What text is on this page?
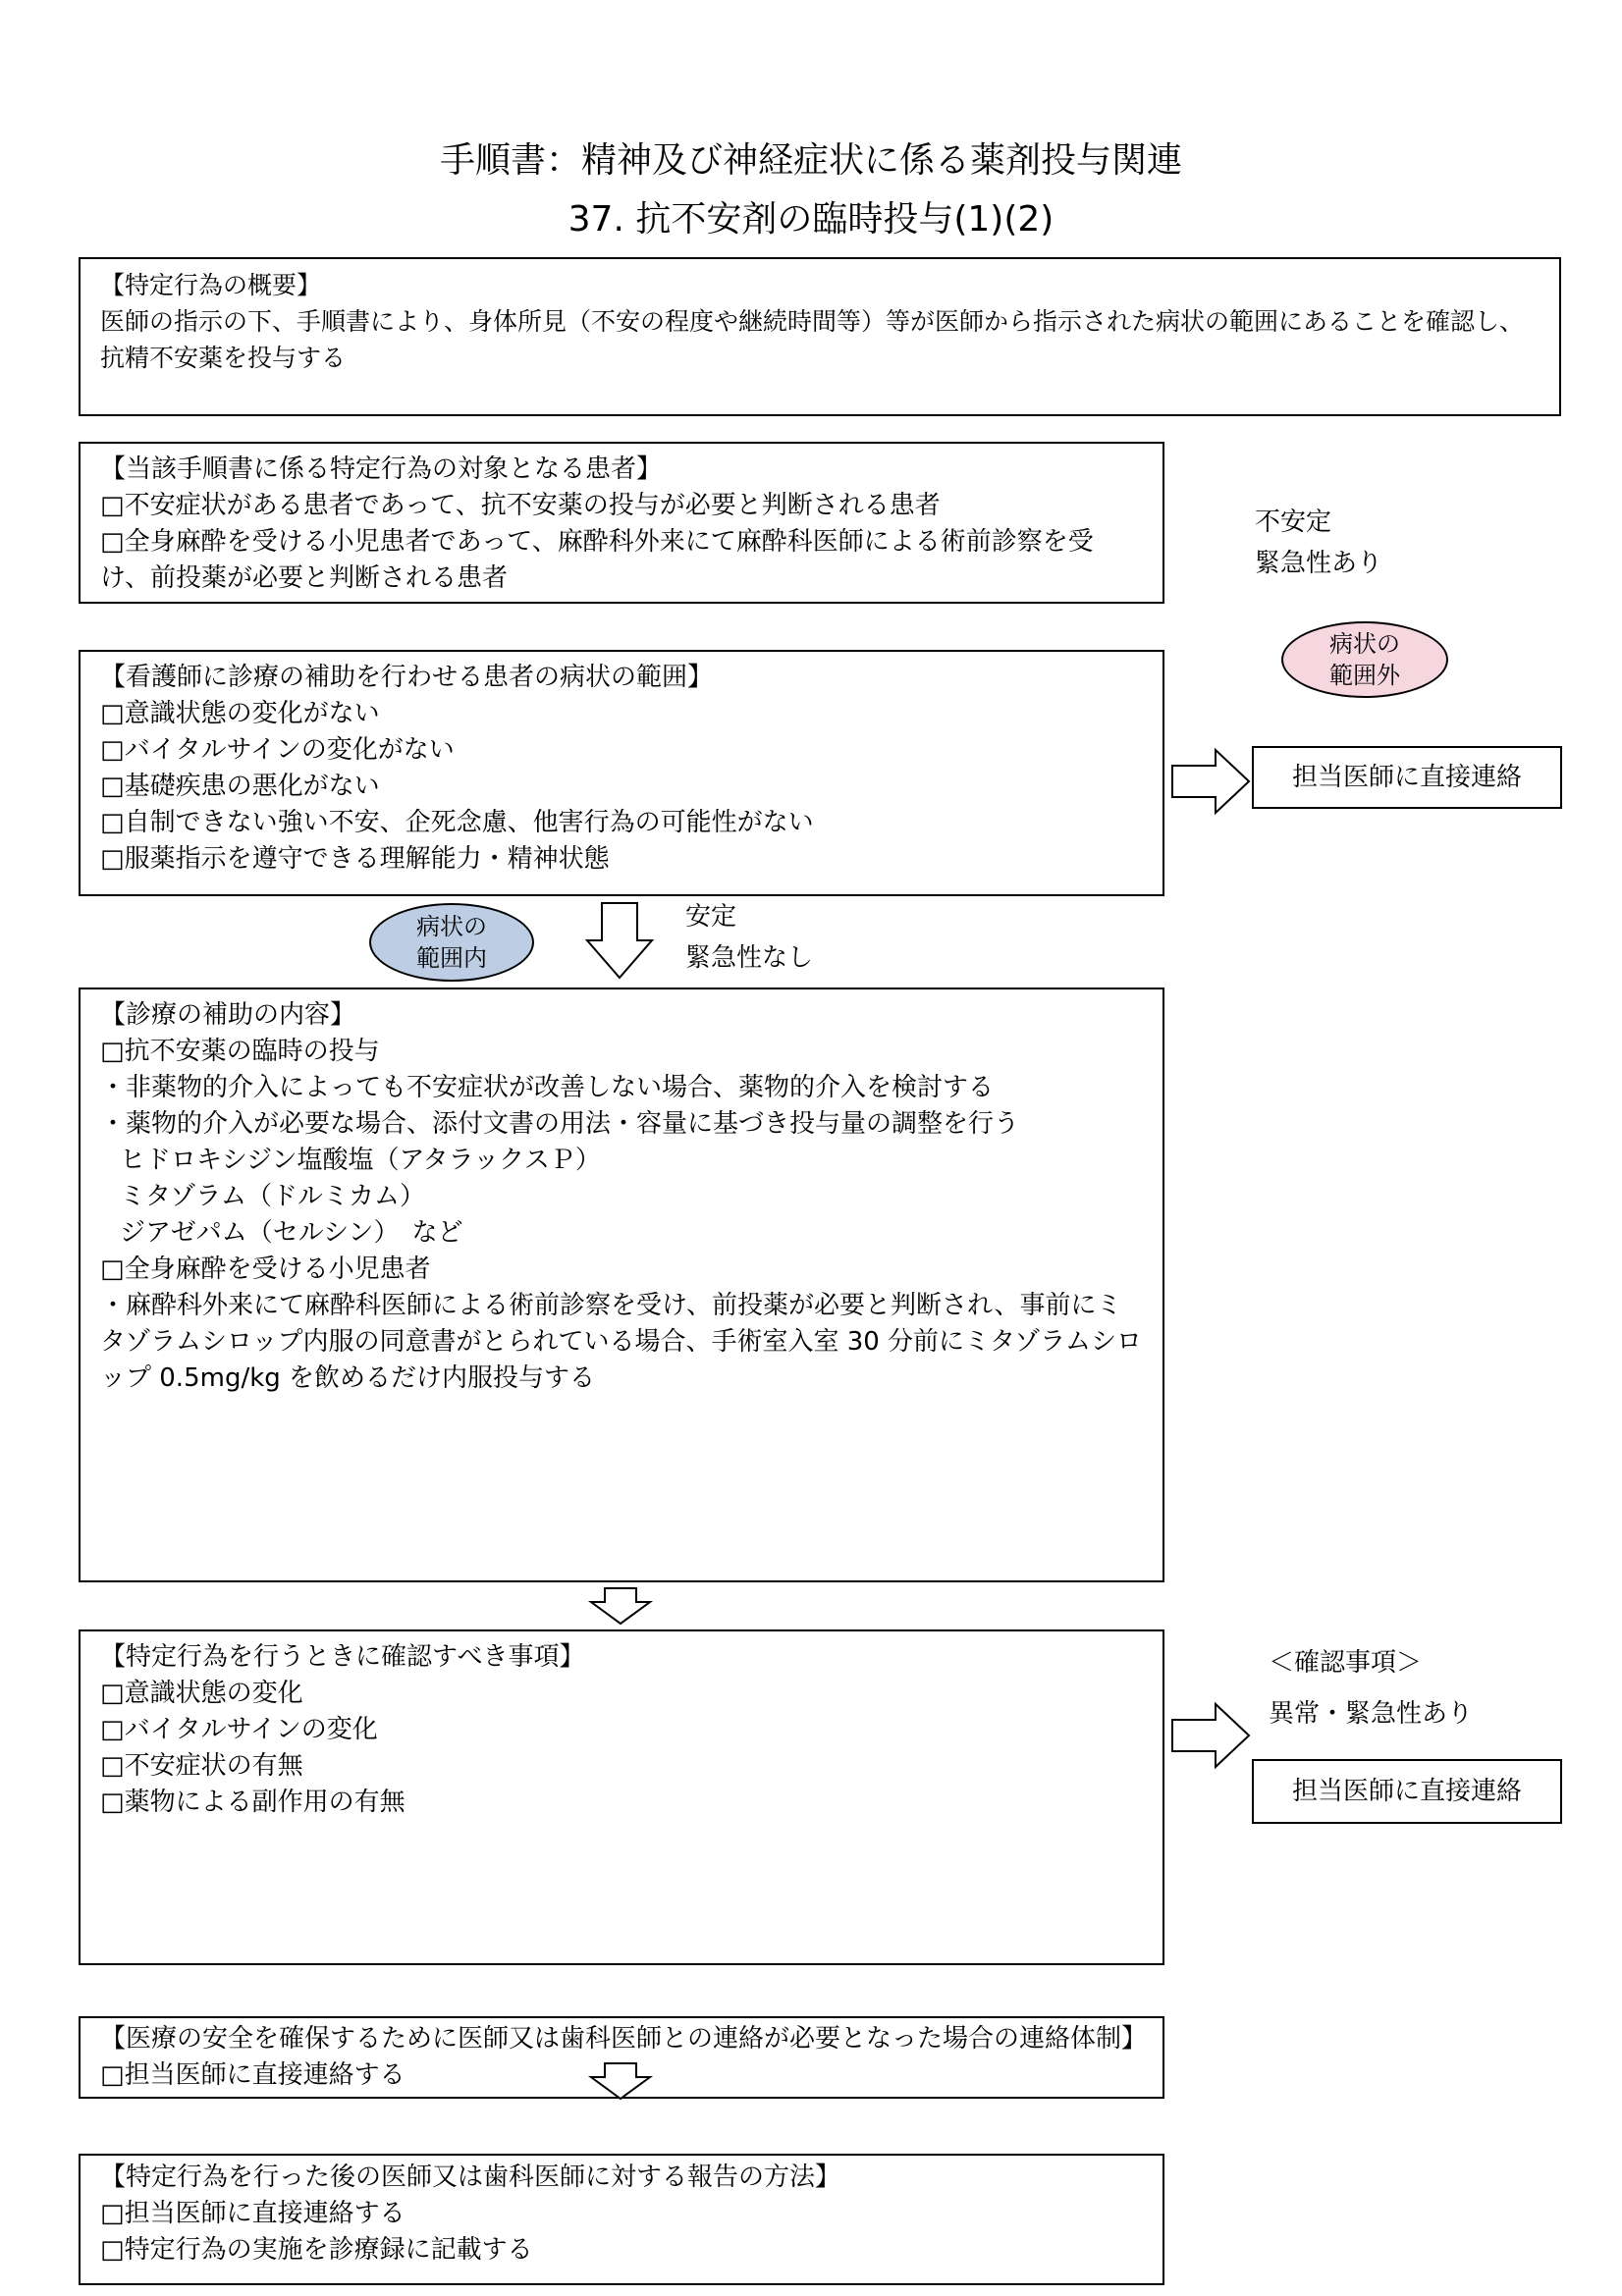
手順書：精神及び神経症状に係る薬剤投与関連
37. 抗不安剤の臨時投与(1)(2)
【特定行為の概要】
医師の指示の下、手順書により、身体所見（不安の程度や継続時間等）等が医師から指示された病状の範囲にあることを確認し、抗精不安薬を投与する
【当該手順書に係る特定行為の対象となる患者】
□不安症状がある患者であって、抗不安薬の投与が必要と判断される患者
□全身麻酔を受ける小児患者であって、麻酔科外来にて麻酔科医師による術前診察を受け、前投薬が必要と判断される患者
不安定
緊急性あり
病状の
範囲外
【看護師に診療の補助を行わせる患者の病状の範囲】
□意識状態の変化がない
□バイタルサインの変化がない
□基礎疾患の悪化がない
□自制できない強い不安、企死念慮、他害行為の可能性がない
□服薬指示を遵守できる理解能力・精神状態
担当医師に直接連絡
病状の
範囲内
安定
緊急性なし
【診療の補助の内容】
□抗不安薬の臨時の投与
・非薬物的介入によっても不安症状が改善しない場合、薬物的介入を検討する
・薬物的介入が必要な場合、添付文書の用法・容量に基づき投与量の調整を行う
ヒドロキシジン塩酸塩（アタラックスＰ）
ミタゾラム（ドルミカム）
ジアゼパム（セルシン）　など
□全身麻酔を受ける小児患者
・麻酔科外来にて麻酔科医師による術前診察を受け、前投薬が必要と判断され、事前にミタゾラムシロップ内服の同意書がとられている場合、手術室入室 30 分前にミタゾラムシロップ 0.5mg/kg を飲めるだけ内服投与する
【特定行為を行うときに確認すべき事項】
□意識状態の変化
□バイタルサインの変化
□不安症状の有無
□薬物による副作用の有無
＜確認事項＞
異常・緊急性あり
担当医師に直接連絡
【医療の安全を確保するために医師又は歯科医師との連絡が必要となった場合の連絡体制】
□担当医師に直接連絡する
【特定行為を行った後の医師又は歯科医師に対する報告の方法】
□担当医師に直接連絡する
□特定行為の実施を診療録に記載する
